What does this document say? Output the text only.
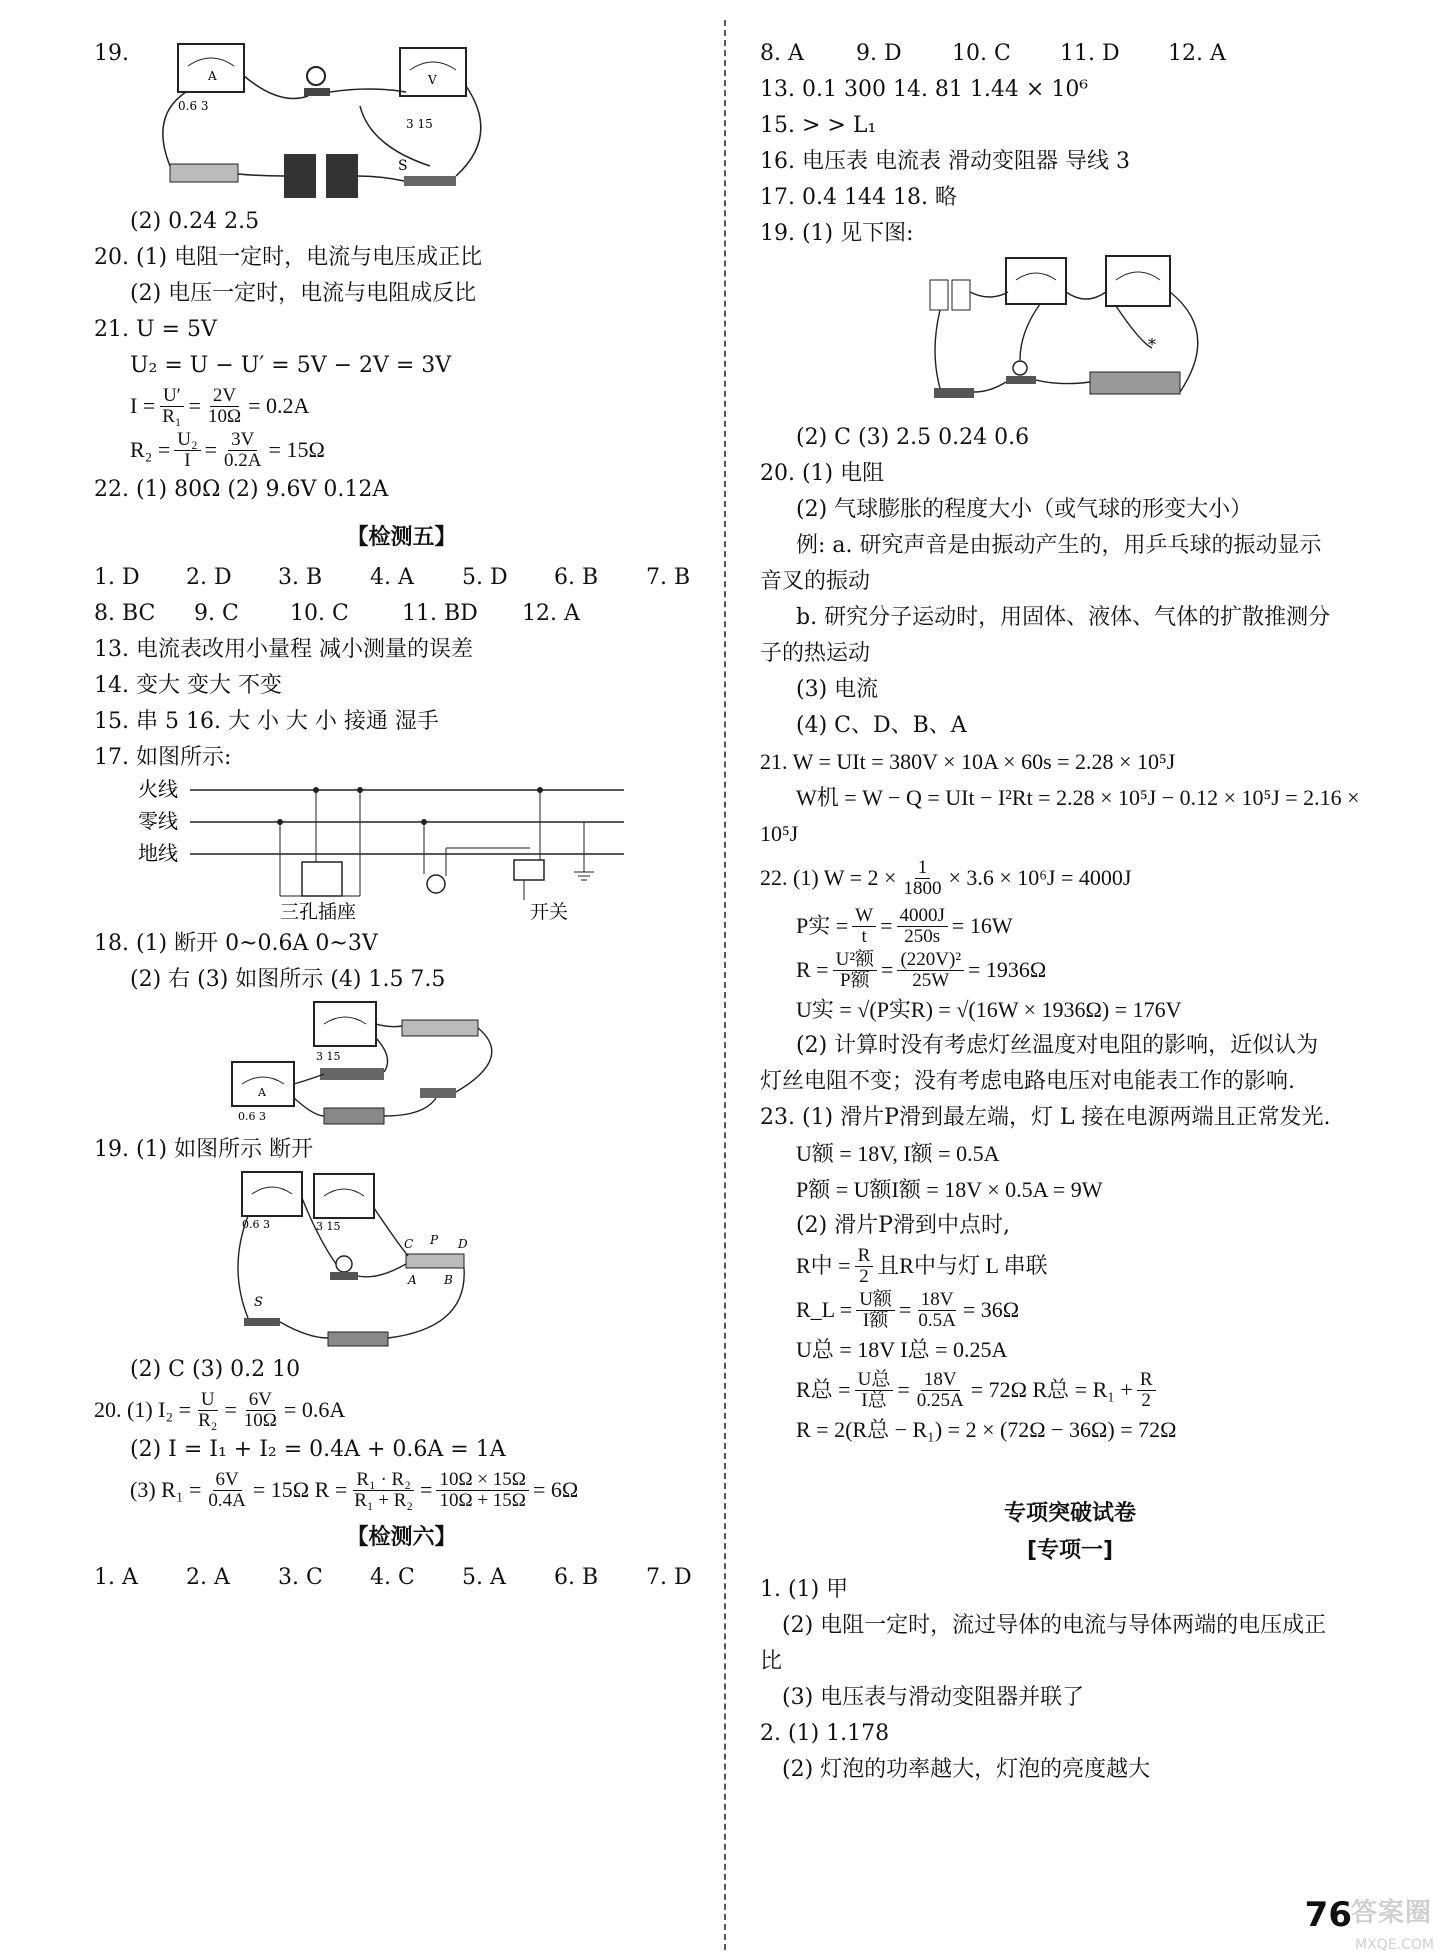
19.
A
0.6 3
V
3 15
S
(2) 0.24 2.5
20. (1) 电阻一定时，电流与电压成正比
(2) 电压一定时，电流与电阻成反比
21. U = 5V
U₂ = U − U′ = 5V − 2V = 3V
$I = \frac{U'}{\text{R₁}} = \frac{2V}{10\Omega} = 0.2A$
$R_2 = \frac{\text{U₂}}{I} = \frac{3V}{0.2A} = 15\Omega$
22. (1) 80Ω (2) 9.6V 0.12A
【检测五】
1. D	2. D	3. B	4. A	5. D	6. B	7. B
8. BC	9. C	10. C	11. BD	12. A
13. 电流表改用小量程 减小测量的误差
14. 变大 变大 不变
15. 串 5 16. 大 小 大 小 接通 湿手
17. 如图所示:
火线
零线
地线
三孔插座	开关
18. (1) 断开 0~0.6A 0~3V
(2) 右 (3) 如图所示 (4) 1.5 7.5
3 15
A
0.6 3
19. (1) 如图所示 断开
0.6 3	3 15
C P D
A B
S
(2) C (3) 0.2 10
20. (1) $I_2 = \frac{U}{\text{R₂}} = \frac{6V}{10\Omega} = 0.6A$
(2) I = I₁ + I₂ = 0.4A + 0.6A = 1A
(3) $R_1 = \frac{6V}{0.4A} = 15\Omega$ $R = \frac{\text{R₁ · R₂}}{\text{R₁ + R₂}} = \frac{10\Omega \times 15\Omega}{10\Omega + 15\Omega} = 6\Omega$
【检测六】
1. A	2. A	3. C	4. C	5. A	6. B	7. D
8. A	9. D	10. C	11. D	12. A
13. 0.1 300 14. 81 1.44 × 10⁶
15. > > L₁
16. 电压表 电流表 滑动变阻器 导线 3
17. 0.4 144 18. 略
19. (1) 见下图:
*
(2) C (3) 2.5 0.24 0.6
20. (1) 电阻
(2) 气球膨胀的程度大小（或气球的形变大小）
例: a. 研究声音是由振动产生的，用乒乓球的振动显示
音叉的振动
b. 研究分子运动时，用固体、液体、气体的扩散推测分
子的热运动
(3) 电流
(4) C、D、B、A
21. W = UIt = 380V × 10A × 60s = 2.28 × 10⁵J
W机 = W − Q = UIt − I²Rt = 2.28 × 10⁵J − 0.12 × 10⁵J = 2.16 ×
10⁵J
22. (1) $W = 2 \times \frac{1}{1800} \times 3.6 \times 10^6J = 4000J$
P实 = $\frac{W}{t} = \frac{4000J}{250s} = 16W$
$R = \frac{\text{U²额}}{\text{P额}} = \frac{\text{(220V)²}}{25W} = 1936\Omega$
U实 = √(P实R) = √(16W × 1936Ω) = 176V
(2) 计算时没有考虑灯丝温度对电阻的影响，近似认为
灯丝电阻不变；没有考虑电路电压对电能表工作的影响.
23. (1) 滑片P滑到最左端，灯 L 接在电源两端且正常发光.
U额 = 18V, I额 = 0.5A
P额 = U额I额 = 18V × 0.5A = 9W
(2) 滑片P滑到中点时,
R中 = $\frac{R}{2}$ 且R中与灯 L 串联
R_L = $\frac{\text{U额}}{\text{I额}} = \frac{18V}{0.5A} = 36\Omega$
U总 = 18V I总 = 0.25A
R总 = $\frac{\text{U总}}{\text{I总}} = \frac{18V}{0.25A} = 72\Omega$ R总 = $R_1 + \frac{R}{2}$
R = 2(R总 − R₁) = 2 × (72Ω − 36Ω) = 72Ω
专项突破试卷
[专项一]
1. (1) 甲
(2) 电阻一定时，流过导体的电流与导体两端的电压成正
比
(3) 电压表与滑动变阻器并联了
2. (1) 1.178
(2) 灯泡的功率越大，灯泡的亮度越大
76
答案圈
MXQE.COM
